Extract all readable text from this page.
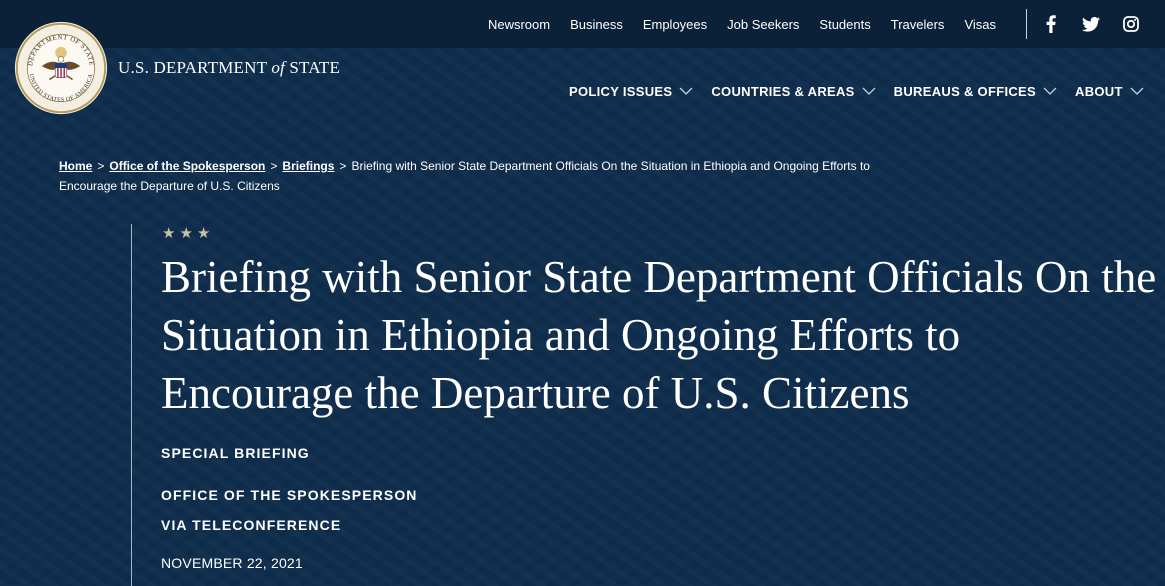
Newsroom Business Employees Job Seekers Students Travelers Visas
DEPARTMENT OF STATE
UNITED STATES OF AMERICA U.S. DEPARTMENT of STATE
POLICY ISSUES	COUNTRIES & AREAS	BUREAUS & OFFICES	ABOUT
Home > Office of the Spokesperson > Briefings > Briefing with Senior State Department Officials On the Situation in Ethiopia and Ongoing Efforts to Encourage the Departure of U.S. Citizens
★★★
Briefing with Senior State Department Officials On the Situation in Ethiopia and Ongoing Efforts to Encourage the Departure of U.S. Citizens
SPECIAL BRIEFING
OFFICE OF THE SPOKESPERSON
VIA TELECONFERENCE
NOVEMBER 22, 2021
